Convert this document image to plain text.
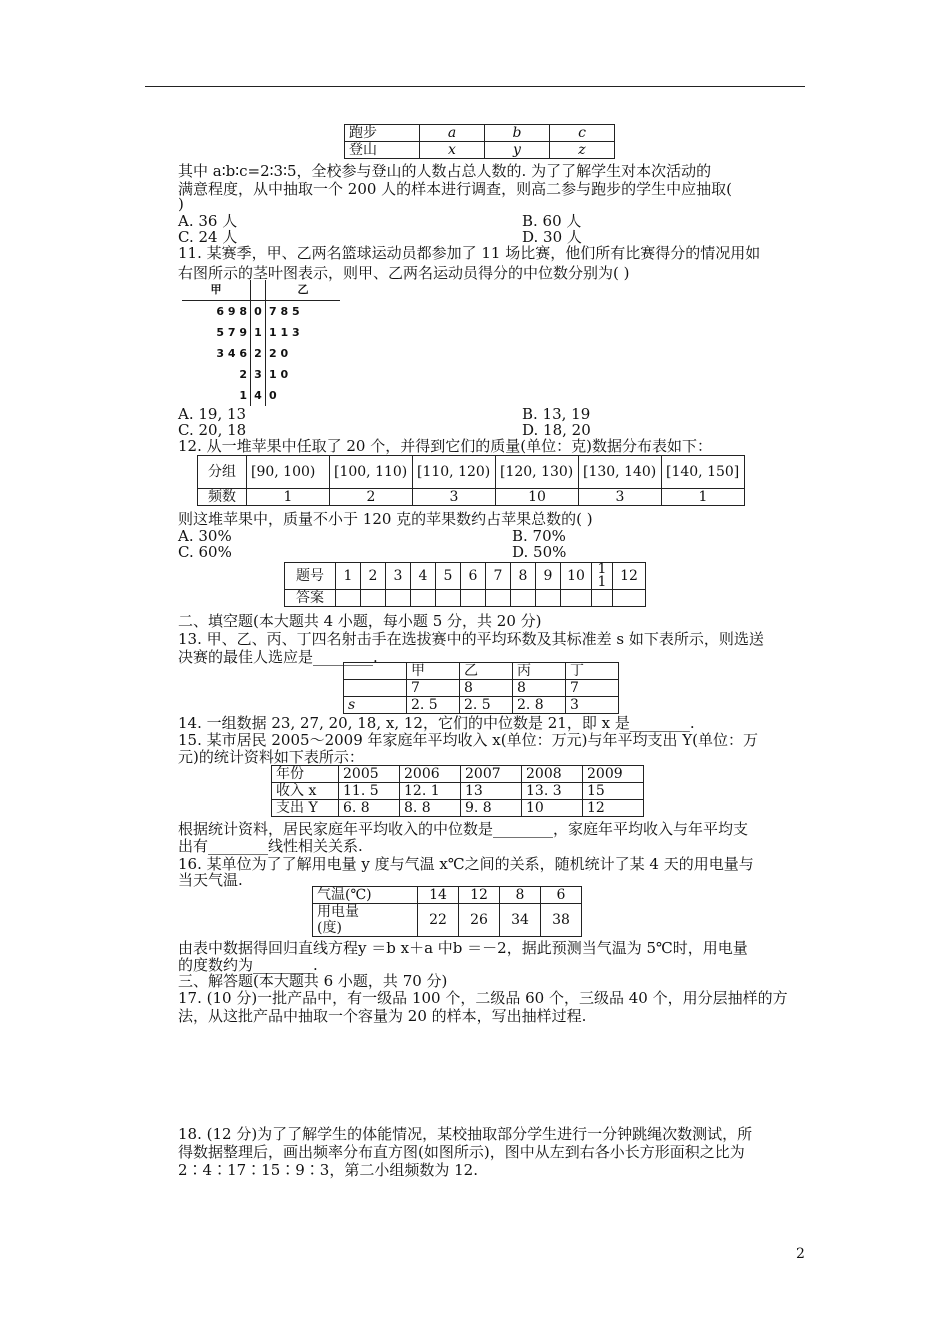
跑步	a	b	c
登山	x	y	z
其中 a∶b∶c=2∶3∶5，全校参与登山的人数占总人数的. 为了了解学生对本次活动的
满意程度，从中抽取一个 200 人的样本进行调查，则高二参与跑步的学生中应抽取(
)
A. 36 人	B. 60 人
C. 24 人	D. 30 人
11. 某赛季，甲、乙两名篮球运动员都参加了 11 场比赛，他们所有比赛得分的情况用如
右图所示的茎叶图表示，则甲、乙两名运动员得分的中位数分别为( )
甲		乙
6 9 8	0	7 8 5
5 7 9	1	1 1 3
3 4 6	2	2 0
2	3	1 0
1	4	0
A. 19, 13	B. 13, 19
C. 20, 18	D. 18, 20
12. 从一堆苹果中任取了 20 个，并得到它们的质量(单位：克)数据分布表如下：
分组	[90, 100)	[100, 110)	[110, 120)	[120, 130)	[130, 140)	[140, 150]
频数	1	2	3	10	3	1
则这堆苹果中，质量不小于 120 克的苹果数约占苹果总数的( )
A. 30%	B. 70%
C. 60%	D. 50%
题号	1	2	3	4	5	6	7	8	9	10	11	12
答案												
二、填空题(本大题共 4 小题，每小题 5 分，共 20 分)
13. 甲、乙、丙、丁四名射击手在选拔赛中的平均环数及其标准差 s 如下表所示，则选送
决赛的最佳人选应是________.
	甲	乙	丙	丁
	7	8	8	7
s	2. 5	2. 5	2. 8	3
14. 一组数据 23, 27, 20, 18, x, 12，它们的中位数是 21，即 x 是________.
15. 某市居民 2005～2009 年家庭年平均收入 x(单位：万元)与年平均支出 Y(单位：万
元)的统计资料如下表所示：
年份	2005	2006	2007	2008	2009
收入 x	11. 5	12. 1	13	13. 3	15
支出 Y	6. 8	8. 8	9. 8	10	12
根据统计资料，居民家庭年平均收入的中位数是________，家庭年平均收入与年平均支
出有________线性相关关系.
16. 某单位为了了解用电量 y 度与气温 x℃之间的关系，随机统计了某 4 天的用电量与
当天气温.
气温(℃)	14	12	8	6
用电量
(度)	22	26	34	38
由表中数据得回归直线方程y ＝b x＋a 中b ＝－2，据此预测当气温为 5℃时，用电量
的度数约为________.
三、解答题(本大题共 6 小题，共 70 分)
17. (10 分)一批产品中，有一级品 100 个，二级品 60 个，三级品 40 个，用分层抽样的方
法，从这批产品中抽取一个容量为 20 的样本，写出抽样过程.
18. (12 分)为了了解学生的体能情况，某校抽取部分学生进行一分钟跳绳次数测试，所
得数据整理后，画出频率分布直方图(如图所示)，图中从左到右各小长方形面积之比为
2∶4∶17∶15∶9∶3，第二小组频数为 12.
2
